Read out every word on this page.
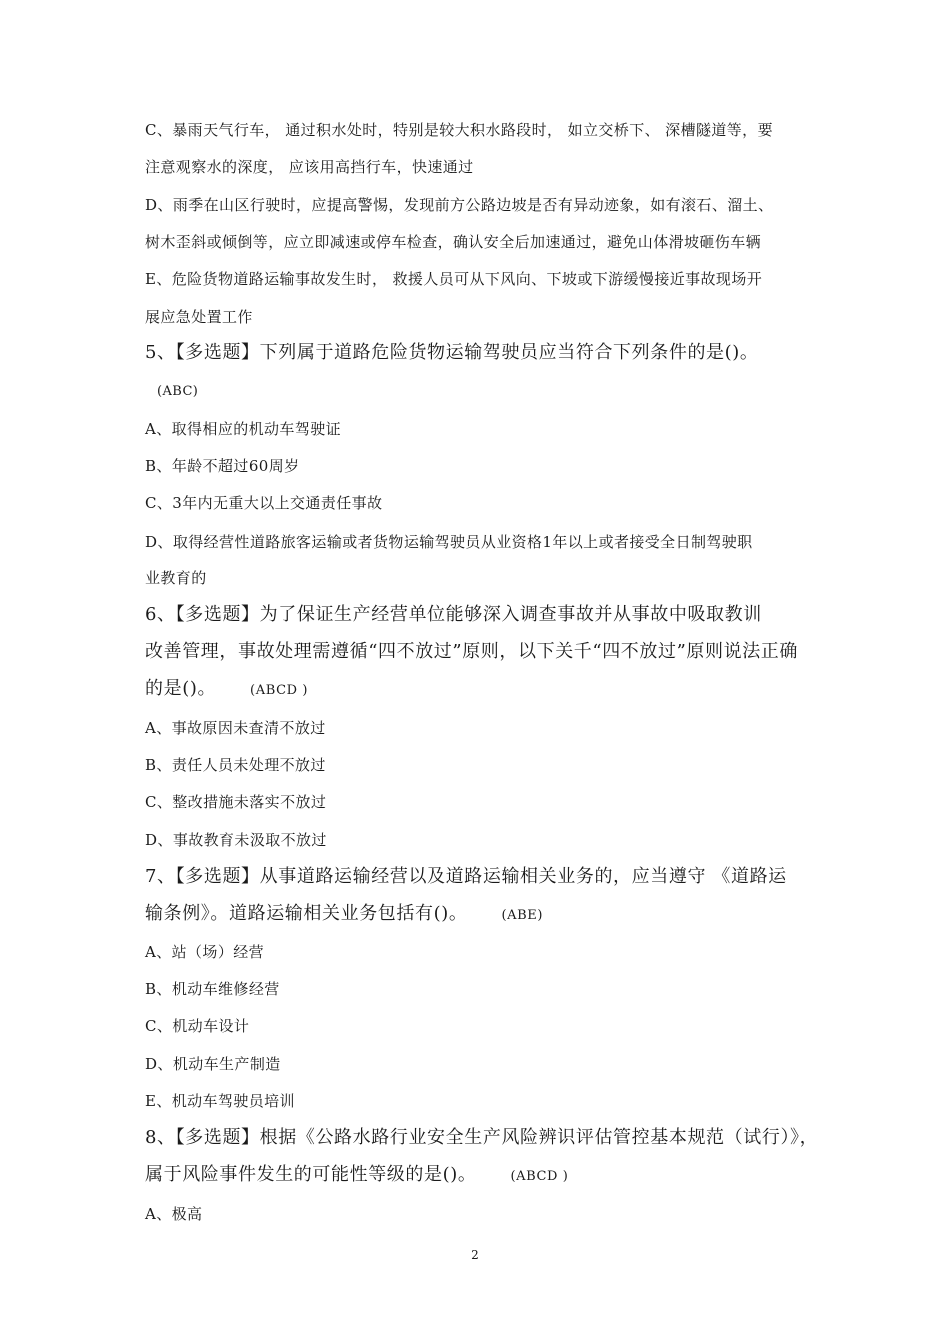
C、暴雨天气行车， 通过积水处时，特别是较大积水路段时， 如立交桥下、 深槽隧道等，要
注意观察水的深度， 应该用高挡行车，快速通过
D、雨季在山区行驶时，应提高警惕，发现前方公路边坡是否有异动迹象，如有滚石、溜土、
树木歪斜或倾倒等，应立即减速或停车检查，确认安全后加速通过，避免山体滑坡砸伤车辆
E、危险货物道路运输事故发生时， 救援人员可从下风向、下坡或下游缓慢接近事故现场开
展应急处置工作
5、【多选题】下列属于道路危险货物运输驾驶员应当符合下列条件的是()。
(ABC)
A、取得相应的机动车驾驶证
B、年龄不超过60周岁
C、3年内无重大以上交通责任事故
D、取得经营性道路旅客运输或者货物运输驾驶员从业资格1年以上或者接受全日制驾驶职
业教育的
6、【多选题】为了保证生产经营单位能够深入调查事故并从事故中吸取教训
改善管理，事故处理需遵循“四不放过”原则，以下关千“四不放过”原则说法正确
的是()。	(ABCD )
A、事故原因未查清不放过
B、责任人员未处理不放过
C、整改措施未落实不放过
D、事故教育未汲取不放过
7、【多选题】从事道路运输经营以及道路运输相关业务的，应当遵守 《道路运
输条例》。道路运输相关业务包括有()。	(ABE)
A、站（场）经营
B、机动车维修经营
C、机动车设计
D、机动车生产制造
E、机动车驾驶员培训
8、【多选题】根据《公路水路行业安全生产风险辨识评估管控基本规范（试行）》，
属于风险事件发生的可能性等级的是()。	(ABCD )
A、极高
2
